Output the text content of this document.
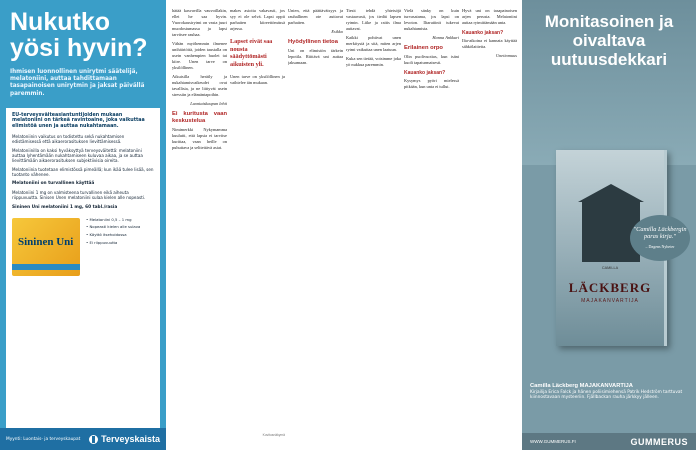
Nukutko
yösi hyvin?
Ihmisen luonnollinen unirytmi säätelijä, melatoniini, auttaa tahdittamaan tasapainoisen unirytmin ja jaksat päivällä paremmin.

EU-terveysväiteasiantuntijoiden mukaan melatoniini on tärkeä ravintoaine, joka vaikuttaa elimistöä unen ja auttaa nukahtamaan.

Melatoniinin vaikutus on todistettu sekä nukahtamisen edistämisessä että aikaerorasituksen lievittämisessä.

Melatoniinilla on kaksi hyväksyttyä terveysväitettä: melatoniini auttaa lyhentämään nukahtamiseen kuluvaa aikaa, ja se auttaa lievittämään aikaerorasituksen subjektiivisia oireita.

Melatoniinia tuotetaan elimistössä pimeällä; kun ikää tulee lisää, sen tuotanto vähenee.

Melatoniini on turvallinen käyttää

Melatoniini 1 mg on valmisteena turvallinen eikä aiheuta riippuvuutta. Sinisen Unen melatoniini sulaa kielen alle nopeasti.

Sininen Uni melatoniini 1 mg, 60 tabl./rasia

Sininen Uni
• Melatoniini 0,5 – 1 mg
• Nopeasti kielen alle sulava
• Käyttö itsehoidossa
• Ei riippuvuutta
Myynti: Luontais- ja terveyskaupat Terveyskaista

hätää kasvavilla vauvoillakin, ellei he saa hyvin. Vuorokausirytmi on vasta juuri muodostumassa ja lapsi tarvitsee rauhaa.

Vähän myöhemmin ilmenee unihäiriöitä, joiden taustalla on usein vanhempien huolet tai kiire. Unen tarve on yksilöllinen.

Aikuisilla heräily ja nukahtamisvaikeudet ovat tavallisia, ja ne liittyvät usein stressiin ja elämäntapoihin.

Luontaiskaupan lehti

Ei kuritusta vaan keskustelua

Nimimerkki Nykymamma kuulutti, että lapsia ei tarvitse kurittaa, vaan heille on puhuttava ja selitettävä asiat.

makes asioita vakavasti, jos syy ei ole selvä. Lapsi oppii parhaiten kiireettömässä arjessa.

Lapset eivät saa nousta säädyttömästi aikuisten yli.

Unen tarve on yksilöllinen ja vaihtelee iän mukaan.

Kuvitusnäkymä

Unien, että päättäväisyys ja rauhallinen ote auttavat parhaiten.

Esikko

Hyödyllinen tietoa

Uni on elimistön tärkein lepotila. Riittävä uni auttaa jaksamaan.

Tiesit tehdä yhteisöjä vastaavasti, jos tiedät lapsen rytmin. Liike ja raitis ilma auttavat.

Kaikki pohtivat unen merkitystä ja sitä, miten arjen rytmi vaikuttaa unen laatuun.

Kuka sen tietää, voisimme joka yö nukkua paremmin.

Vielä sänky on kuin turvasatama, jos lapsi on levoton. Iltarutiinit tukevat nukahtamista.

Hanna Ankkuri

Erilainen orpo

Olin puolivuotias, kun isäni kuoli tapaturmaisesti.

Kauanko jaksan?

Kysymys pyöri mielessä pitkään, kun unta ei tullut.

Hyvä uni on tasapainoisen arjen perusta. Melatoniini auttaa rytmittämään unta.

Kauanko jaksan?

Ilta-aikoina ei kannata käyttää sähkölaitteita.

Unettomuus

Monitasoinen ja oivaltava uutuusdekkari
CAMILLA
LÄCKBERG
MAJAKANVARTIJA
"Camilla Läckbergin paras kirja."
– Dagens Nyheter
Camilla Läckberg MAJAKANVARTIJA
Kirjailija Erica Falck ja hänen poliisimiehensä Patrik Hedström tarttuvat kiinnostavaan mysteeriin. Fjällbackan rauha järkkyy jälleen.
WWW.GUMMERUS.FI	GUMMERUS
